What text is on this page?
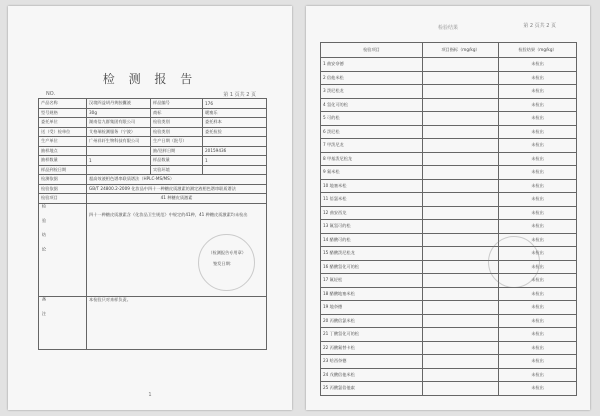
检 测 报 告
NO.	第 1 页共 2 页
产品名称	汉境四益胡丹黄胶囊液	样品编号	176
型号规格	30g	商标	暖寨乐
委托单位	湖南信九群集团有限公司	检验类别	委托样本
送（受）检单位	艾格瑞检测服务（宁波）	检验类别	委托检验
生产单位	广州祥轩生物科技有限公司	生产日期（批号）	
抽样地点		抽/送样日期	20159436
抽样数量	1	样品数量	1
样品到检日期		实验环境	
检测依据	超高效液相色谱串联质谱法（HPLC-MS/MS）		
检验依据	GB/T 24800.2-2009 化妆品中四十一种糖皮质激素的测定液相色谱串联质谱法		
检验项目	41 种糖皮质激素		
检验结论	四十一种糖皮质激素含《化妆品卫生规范》中规定的41种，41 种糖皮质激素均未检出
（检测报告专用章）
签发日期：		

备注	本检验只对来样负责。		
1
检验结果	第 2 页共 2 页
检验项目	项目指标（mg/kg）	检验结果（mg/kg）
1 曲安奈德		未检出
2 倍他米松		未检出
3 泼尼松龙		未检出
4 氢化可的松		未检出
5 可的松		未检出
6 泼尼松		未检出
7 甲泼尼龙		未检出
8 甲基泼尼松龙		未检出
9 氟米松		未检出
10 地塞米松		未检出
11 倍氯米松		未检出
12 曲安西龙		未检出
13 氟氢可的松		未检出
14 醋酸可的松		未检出
15 醋酸泼尼松龙		未检出
16 醋酸氢化可的松		未检出
17 氟轻松		未检出
18 醋酸地塞米松		未检出
19 地奈德		未检出
20 丙酸倍氯米松		未检出
21 丁酸氢化可的松		未检出
22 丙酸氟替卡松		未检出
23 哈西奈德		未检出
24 戊酸倍他米松		未检出
25 丙酸氯倍他索		未检出
